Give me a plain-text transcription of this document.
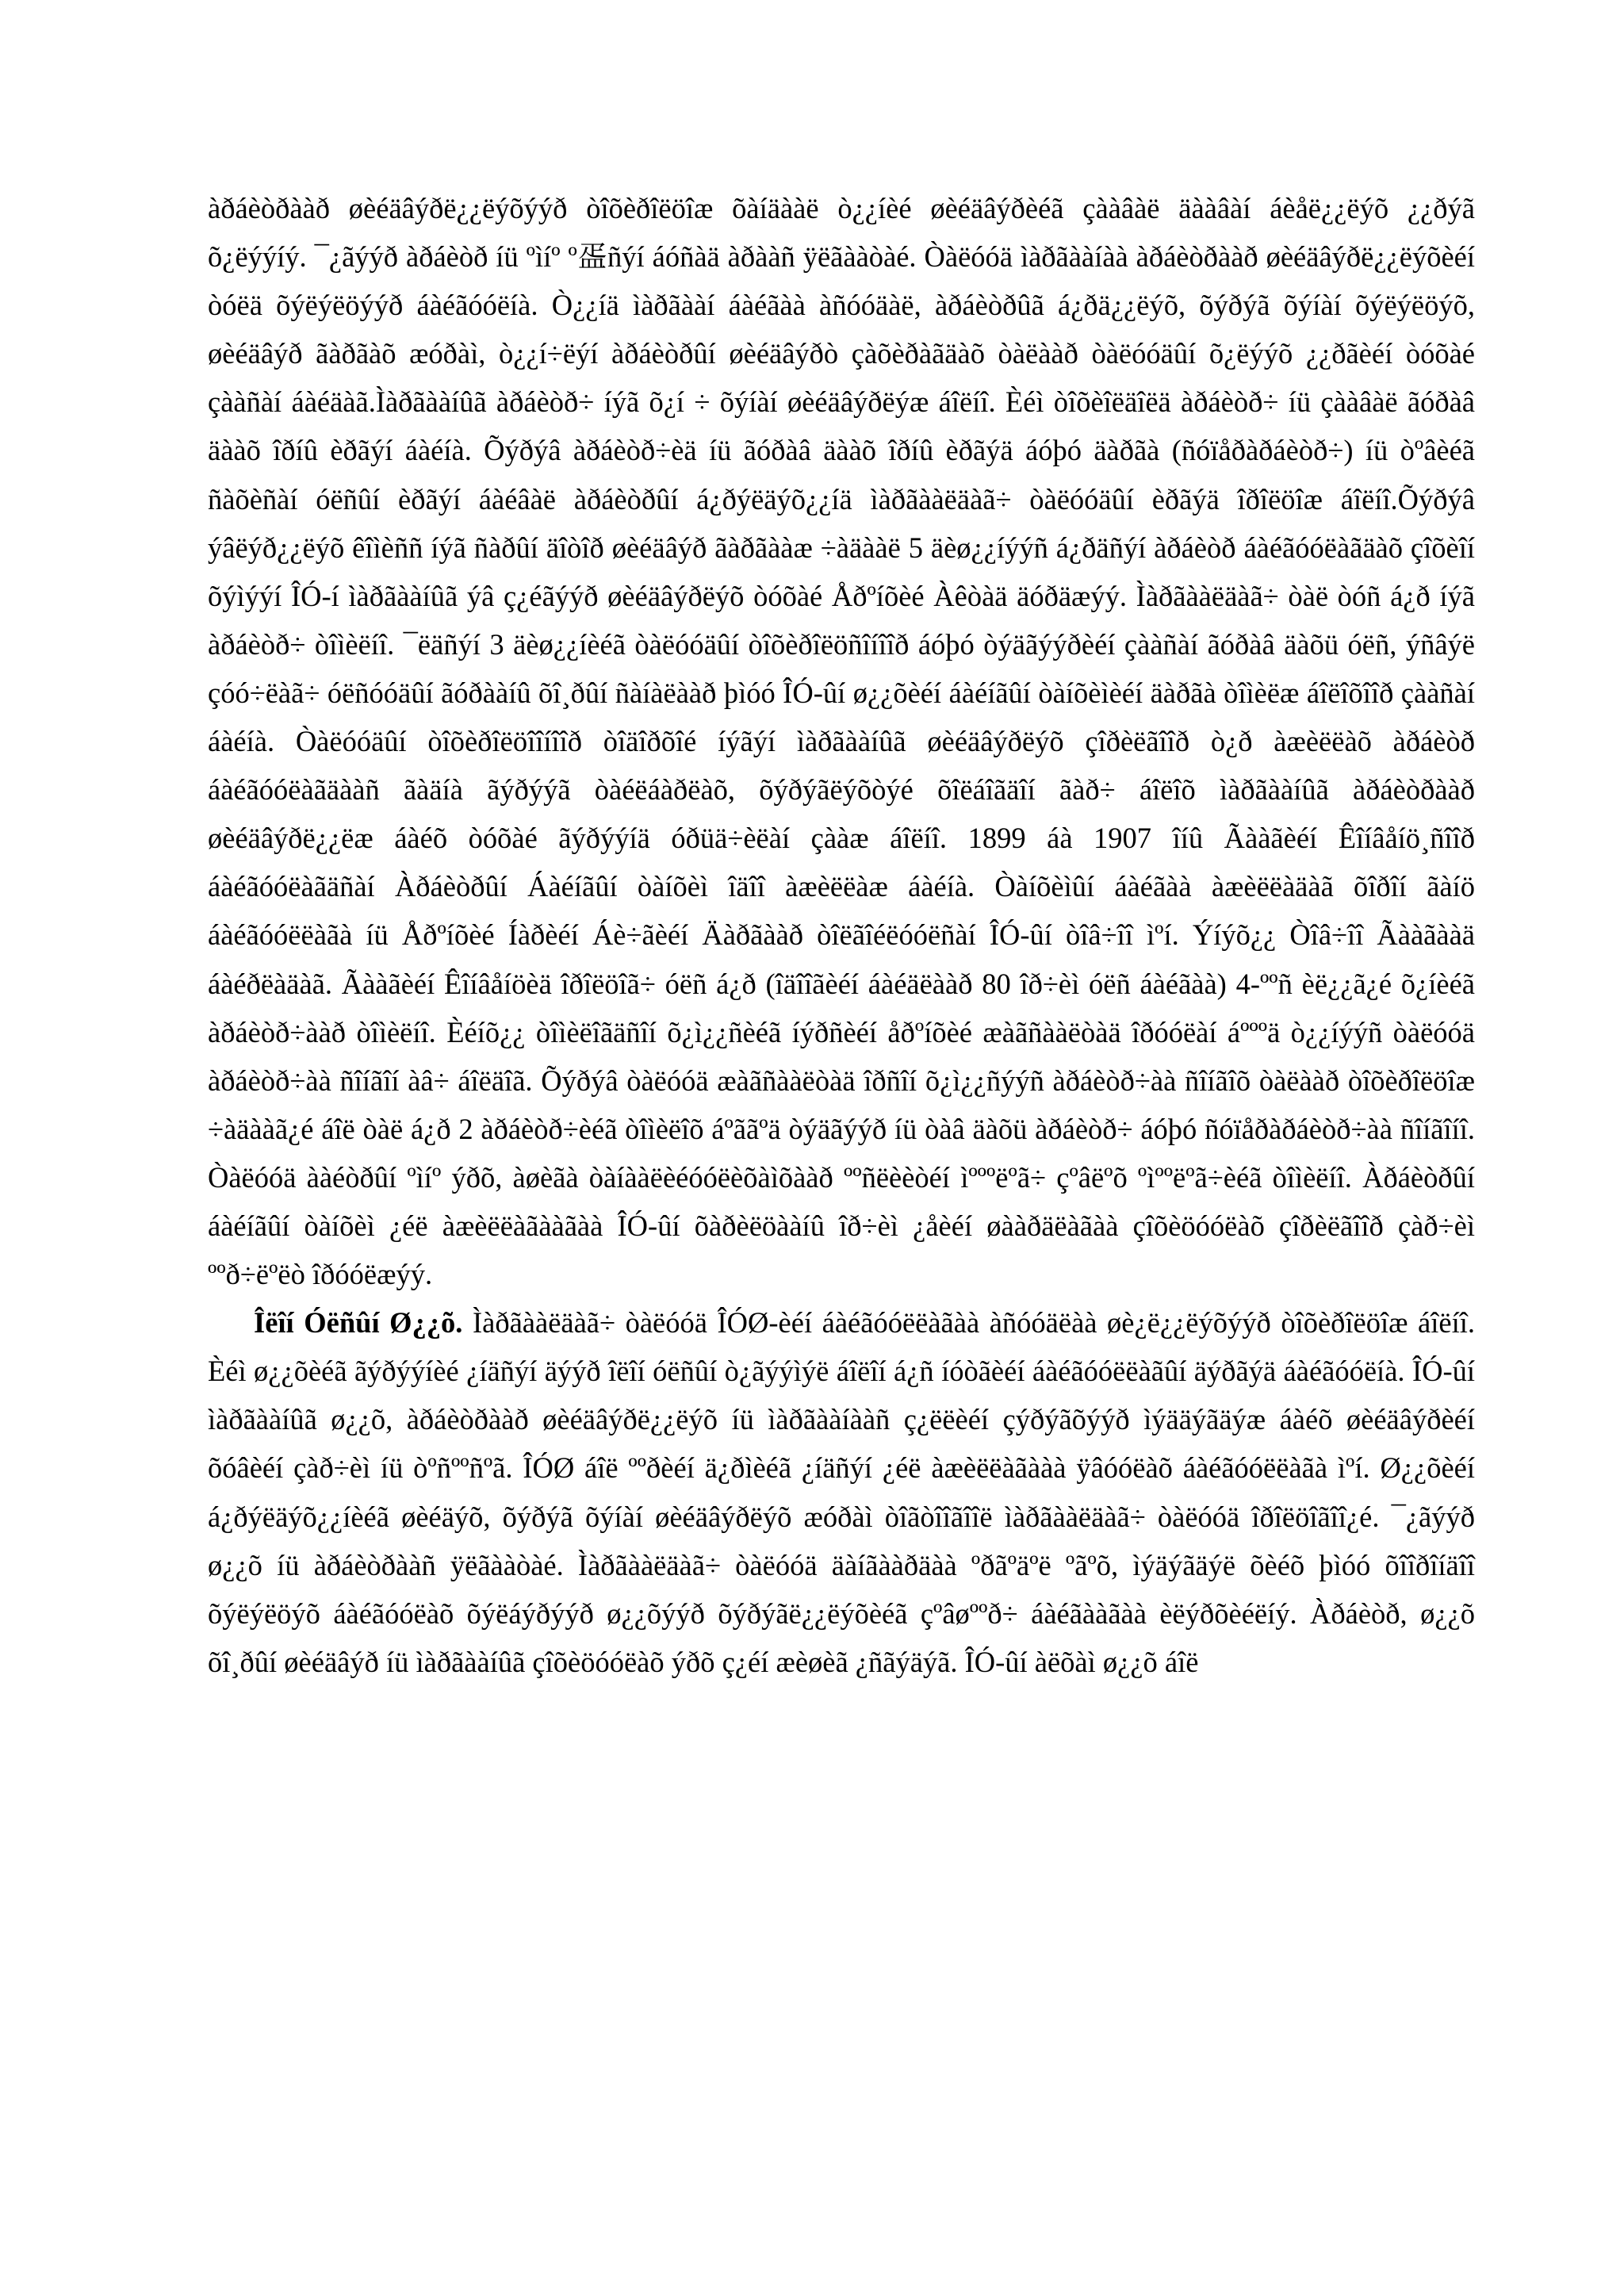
àðáèòðààð øèéäâýðë¿¿ëýõýýð òîõèðîëöîæ õàíäààë ò¿¿íèé øèéäâýðèéã çààâàë äààâàí áèåë¿¿ëýõ ¿¿ðýã õ¿ëýýíý. ¯¿ãýýð àðáèòð íü ºìíº º㿿ñýí áóñàä àðààñ ÿëãààòàé. Òàëóóä ìàðãààíàà àðáèòðààð øèéäâýðë¿¿ëýõèéí òóëä õýëýëöýýð áàéãóóëíà. Ò¿¿íä ìàðãààí áàéãàà àñóóäàë, àðáèòðûã á¿ðä¿¿ëýõ, õýðýã õýíàí õýëýëöýõ, øèéäâýð ãàðãàõ æóðàì, ò¿¿í÷ëýí àðáèòðûí øèéäâýðò çàõèðàãäàõ òàëààð òàëóóäûí õ¿ëýýõ ¿¿ðãèéí òóõàé çààñàí áàéäàã.Ìàðãààíûã àðáèòð÷ íýã õ¿í ÷ õýíàí øèéäâýðëýæ áîëíî. Èéì òîõèîëäîëä àðáèòð÷ íü çààâàë ãóðàâ äààõ îðíû èðãýí áàéíà. Õýðýâ àðáèòð÷èä íü ãóðàâ äààõ îðíû èðãýä áóþó äàðãà (ñóïåðàðáèòð÷) íü òºâèéã ñàõèñàí óëñûí èðãýí áàéâàë àðáèòðûí á¿ðýëäýõ¿¿íä ìàðãààëäàã÷ òàëóóäûí èðãýä îðîëöîæ áîëíî.Õýðýâ ýâëýð¿¿ëýõ êîìèññ íýã ñàðûí äîòîð øèéäâýð ãàðãààæ ÷àäààë 5 äèø¿¿íýýñ á¿ðäñýí àðáèòð áàéãóóëàãäàõ çîõèîí õýìýýí ÎÓ-í ìàðãààíûã ýâ ç¿éãýýð øèéäâýðëýõ òóõàé Åðºíõèé Àêòàä äóðäæýý. Ìàðãààëäàã÷ òàë òóñ á¿ð íýã àðáèòð÷ òîìèëíî. ¯ëäñýí 3 äèø¿¿íèéã òàëóóäûí òîõèðîëöñîíîîð áóþó òýäãýýðèéí çààñàí ãóðàâ äàõü óëñ, ýñâýë çóó÷ëàã÷ óëñóóäûí ãóðààíû õî¸ðûí ñàíàëààð þìóó ÎÓ-ûí ø¿¿õèéí áàéíãûí òàíõèìèéí äàðãà òîìèëæ áîëîõîîð çààñàí áàéíà. Òàëóóäûí òîõèðîëöîîíîîð òîäîðõîé íýãýí ìàðãààíûã øèéäâýðëýõ çîðèëãîîð ò¿ð àæèëëàõ àðáèòð áàéãóóëàãäààñ ãàäíà ãýðýýã òàéëáàðëàõ, õýðýãëýõòýé õîëáîãäîí ãàð÷ áîëîõ ìàðãààíûã àðáèòðààð øèéäâýðë¿¿ëæ áàéõ òóõàé ãýðýýíä óðüä÷èëàí çààæ áîëíî. 1899 áà 1907 îíû Ãààãèéí Êîíâåíö¸ñîîð áàéãóóëàãäñàí Àðáèòðûí Áàéíãûí òàíõèì îäîî àæèëëàæ áàéíà. Òàíõèìûí áàéãàà àæèëëàäàã õîðîí ãàíö áàéãóóëëàãà íü Åðºíõèé Íàðèéí Áè÷ãèéí Äàðãààð òîëãîéëóóëñàí ÎÓ-ûí òîâ÷îî ìºí. Ýíýõ¿¿ Òîâ÷îî Ãààãààä áàéðëàäàã. Ãààãèéí Êîíâåíöèä îðîëöîã÷ óëñ á¿ð (îäîîãèéí áàéäëààð 80 îð÷èì óëñ áàéãàà) 4-ººñ èë¿¿ã¿é õ¿íèéã àðáèòð÷ààð òîìèëíî. Èéíõ¿¿ òîìèëîãäñîí õ¿ì¿¿ñèéã íýðñèéí åðºíõèé æàãñààëòàä îðóóëàí áºººä ò¿¿íýýñ òàëóóä àðáèòð÷àà ñîíãîí àâ÷ áîëäîã. Õýðýâ òàëóóä æàãñààëòàä îðñîí õ¿ì¿¿ñýýñ àðáèòð÷àà ñîíãîõ òàëààð òîõèðîëöîæ ÷àäààã¿é áîë òàë á¿ð 2 àðáèòð÷èéã òîìèëîõ áºããºä òýäãýýð íü òàâ äàõü àðáèòð÷ áóþó ñóïåðàðáèòð÷àà ñîíãîíî. Òàëóóä ààéòðûí ºìíº ýðõ, àøèãà òàíààëèéóóëèõàìõààð ººñëèèòéí ìºººëºã÷ çºâëºõ ºìººëºã÷èéã òîìèëíî. Àðáèòðûí áàéíãûí òàíõèì ¿éë àæèëëàãààãàà ÎÓ-ûí õàðèëöààíû îð÷èì ¿åèéí øààðäëàãàà çîõèöóóëàõ çîðèëãîîð çàð÷èì ººð÷ëºëò îðóóëæýý.

Îëîí Óëñûí Ø¿¿õ. Ìàðãààëäàã÷ òàëóóä ÎÓØ-èéí áàéãóóëëàãàà àñóóäëàà øè¿ë¿¿ëýõýýð òîõèðîëöîæ áîëíî. Èéì ø¿¿õèéã ãýðýýíèé ¿íäñýí äýýð îëîí óëñûí ò¿ãýýìýë áîëîí á¿ñ íóòãèéí áàéãóóëëàãûí äýðãýä áàéãóóëíà. ÎÓ-ûí ìàðãààíûã ø¿¿õ, àðáèòðààð øèéäâýðë¿¿ëýõ íü ìàðãààíààñ ç¿ëëèéí çýðýãõýýð ìýääýãäýæ áàéõ øèéäâýðèéí õóâèéí çàð÷èì íü òºñººñºã. ÎÓØ áîë ººðèéí ä¿ðìèéã ¿íäñýí ¿éë àæèëëàãààà ÿâóóëàõ áàéãóóëëàãà ìºí. Ø¿¿õèéí á¿ðýëäýõ¿¿íèéã øèéäýõ, õýðýã õýíàí øèéäâýðëýõ æóðàì òîãòîîãîîë ìàðãààëäàã÷ òàëóóä îðîëöîãîî¿é. ¯¿ãýýð ø¿¿õ íü àðáèòðààñ ÿëãààòàé. Ìàðãààëäàã÷ òàëóóä äàíãààðäàà ºðãºäºë ºãºõ, ìýäýãäýë õèéõ þìóó õîîðîíäîî õýëýëöýõ áàéãóóëàõ õýëáýðýýð ø¿¿õýýð õýðýãë¿¿ëýõèéã çºâøººð÷ áàéãààãàà èëýðõèéëíý. Àðáèòð, ø¿¿õ õî¸ðûí øèéäâýð íü ìàðãààíûã çîõèöóóëàõ ýðõ ç¿éí æèøèã ¿ñãýäýã. ÎÓ-ûí àëõàì ø¿¿õ áîë
